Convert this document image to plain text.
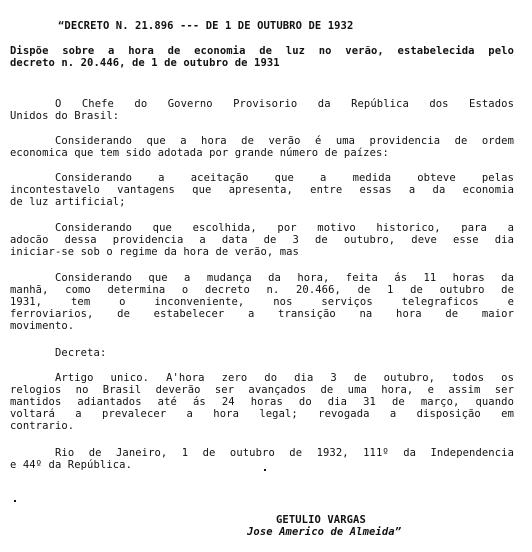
“DECRETO N. 21.896 --- DE 1 DE OUTUBRO DE 1932
Dispõe sobre a hora de economia de luz no verão, estabelecida pelo
decreto n. 20.446, de 1 de outubro de 1931
O Chefe do Governo Provisorio da República dos Estados
Unidos do Brasil:
Considerando que a hora de verão é uma providencia de ordem
economica que tem sido adotada por grande número de paízes:
Considerando a aceitação que a medida obteve pelas
incontestavelo vantagens que apresenta, entre essas a da economia
de luz artificial;
Considerando que escolhida, por motivo historico, para a
adocão dessa providencia a data de 3 de outubro, deve esse dia
iniciar-se sob o regime da hora de verão, mas
Considerando que a mudança da hora, feita ás 11 horas da
manhã, como determina o decreto n. 20.466, de 1 de outubro de
1931, tem o inconveniente, nos serviços telegraficos e
ferroviarios, de estabelecer a transição na hora de maior
movimento.
Decreta:
Artigo unico. A'hora zero do dia 3 de outubro, todos os
relogios no Brasil deverão ser avançados de uma hora, e assim ser
mantidos adiantados até ás 24 horas do dia 31 de março, quando
voltará a prevalecer a hora legal; revogada a disposição em
contrario.
Rio de Janeiro, 1 de outubro de 1932, 111º da Independencia
e 44º da República.
GETULIO VARGAS
Jose Americo de Almeida”
